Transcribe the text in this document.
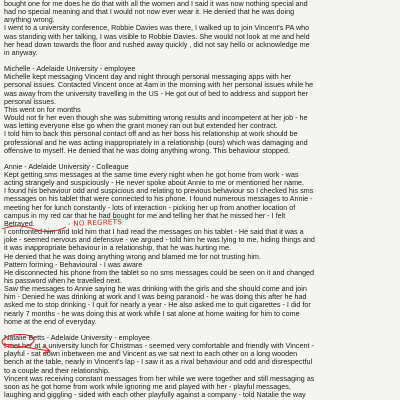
bought one for me does he do that with all the women and I said it was now nothing special and

had no special meaning and that I would not now ever wear it. He denied that he was doing

anything wrong.

I went to a university conference, Robbie Davies was there, I walked up to join Vincent's PA who

was standing with her talking, I was visible to Robbie Davies. She would not look at me and held

her head down towards the floor and rushed away quickly , did not say hello or acknowledge me

in anyway.

Michelle - Adelaide University - employee

Michelle kept messaging Vincent day and night through personal messaging apps with her

personal issues. Contacted Vincent once at 4am in the morning with her personal issues while he

was away from the university travelling in the US - He got out of bed to address and support her

personal issues.

This went on for months

Would not fir her even though she was submitting wrong results and incompetent at her job - he

was letting everyone else go when the grant money ran out but extended her contract.

I told him to back this personal contact off and as her boss his relationship at work should be

professional and he was acting inappropriately in a relationship (ours) which was damaging and

offensive to myself. He denied that he was doing anything wrong. This behaviour stopped.

Annie - Adelaide University - Colleague

Kept getting sms messages at the same time every night when he got home from work - was

acting strangely and suspiciously - He never spoke about Annie to me or mentioned her name.

I found his behaviour odd and suspicious and relating to previous behaviour so I checked his sms

messages on his tablet that were connected to his phone. I found numerous messages to Annie -

meeting her for lunch constantly - lots of interaction - picking her up from another location of

campus in my red car that he had bought for me and telling her that he missed her - I felt

Betrayed.

I confronted him and told him that I had read the messages on his tablet - He said that it was a

joke - seemed nervous and defensive - we argued - told him he was lying to me, hiding things and

it was inappropriate behaviour in a relationship, that he was hurting me.

He denied that he was doing anything wrong and blamed me for not trusting him.

Pattern forming - Behavioural - I was aware

He disconnected his phone from the tablet so no sms messages could be seen on it and changed

his password when he travelled next.

Saw the messages to Annie saying he was drinking with the girls and she should come and join

him - Denied he was drinking at work and I was being paranoid - he was doing this after he had

asked me to stop drinking - I quit for nearly a year - He also asked me to quit cigarettes - I did for

nearly 7 months - he was doing this at work while I sat alone at home waiting for him to come

home at the end of everyday.

Natalie Betts - Adelaide University - employee

I met her at a university lunch for Christmas - seemed very comfortable and friendly with Vincent -

playful - sat down inbetween me and Vincent as we sat next to each other on a long wooden

bench at the table, nearly in Vincent's lap - I saw it as a rival behaviour and odd and disrespectful

to a couple and their relationship.

Vincent was receiving constant messages from her while we were together and still messaging as

soon as he got home from work while ignoring me and played with her - playful messages,

laughing and giggling - sided with each other playfully against a company - told Natalie the way

- NO REGRETS
